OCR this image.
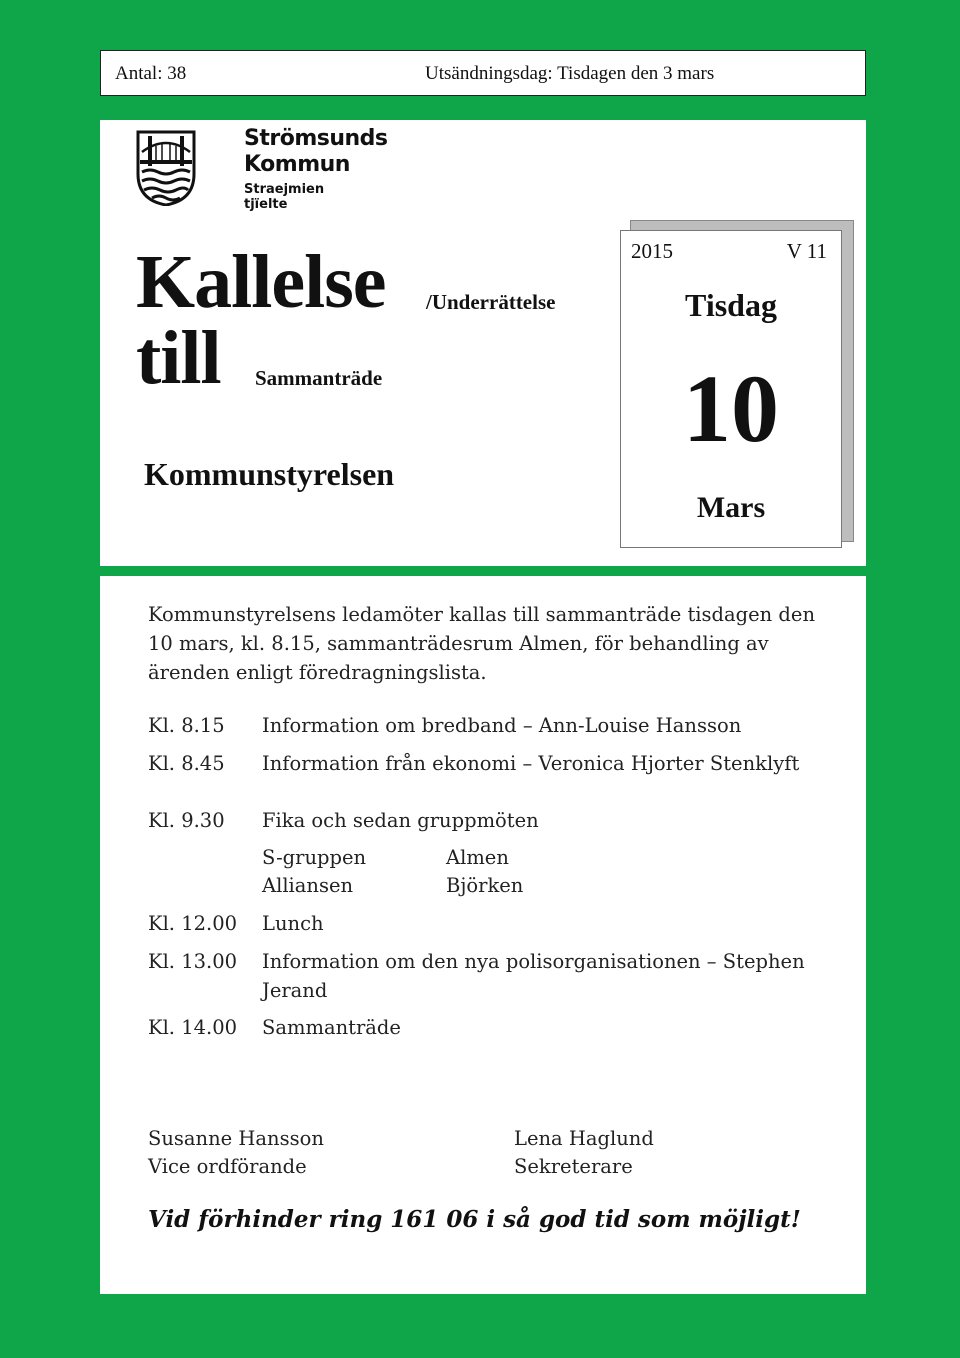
Antal: 38	Utsändningsdag: Tisdagen den 3 mars
Strömsunds
Kommun
Straejmien tjïelte
Kallelse /Underrättelse
till Sammanträde
Kommunstyrelsen
2015	V 11
Tisdag
10
Mars
Kommunstyrelsens ledamöter kallas till sammanträde tisdagen den 10 mars, kl. 8.15, sammanträdesrum Almen, för behandling av ärenden enligt föredragningslista.
Kl. 8.15 Information om bredband – Ann-Louise Hansson
Kl. 8.45 Information från ekonomi – Veronica Hjorter Stenklyft
Kl. 9.30 Fika och sedan gruppmöten
S-gruppen	Almen
Alliansen	Björken
Kl. 12.00 Lunch
Kl. 13.00 Information om den nya polisorganisationen – Stephen Jerand
Kl. 14.00 Sammanträde
Susanne Hansson
Vice ordförande
Lena Haglund
Sekreterare
Vid förhinder ring 161 06 i så god tid som möjligt!
